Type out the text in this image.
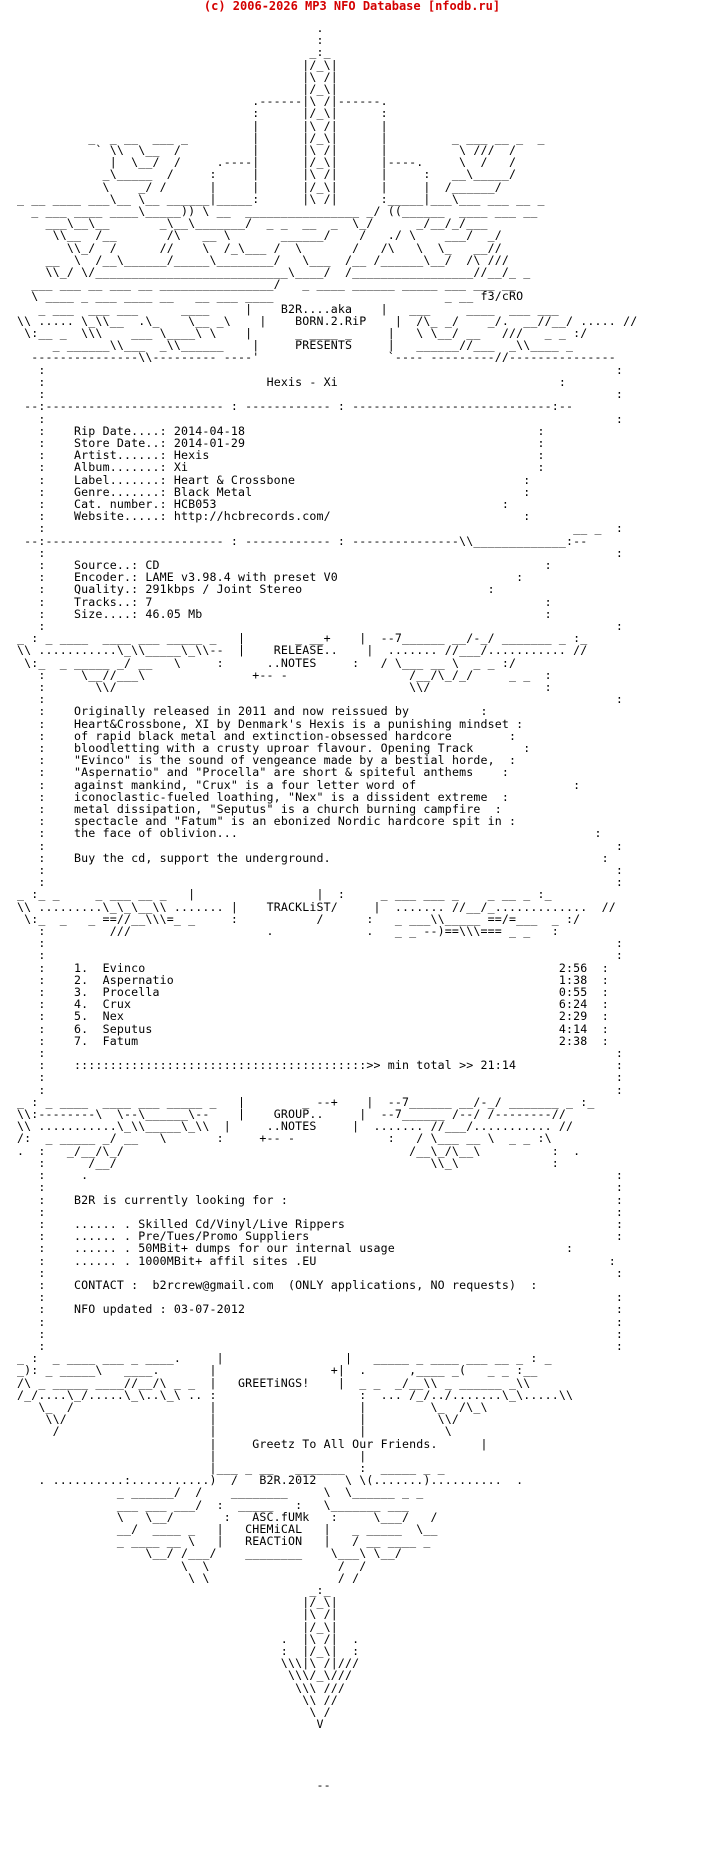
(c) 2006-2026 MP3 NFO Database [nfodb.ru]
.
:
_:_
|/_\|
|\ /|
|/_\|
.------|\ /|------.
:      |/_\|      :
|      |\ /|      |
_  _ __  ___ _         |      |/_\|      |         _ ___ __ _  _
` \\  \__  /          |      |\ /|      |          \ ///  /
|  \__/  /     .----|      |/_\|      |----.     \  /   /
_\_____  /     :     |      |\ /|      |     :   __\_____/
\    _/ /      |     |      |/_\|      |     |  /______/
_ __ ____ ___\__ \__ ______|_____:      |\ /|      :_____|___\___ ___ __ _
_ ___ ____ ____\_____)) \ __  ________________ _/ ((______  ____ ___ __
___\__\__       _\__\_______/  _ _  __  _  \_/      _/__/_/___
\\__  /__       /\   __ \       ______/    /   ./ \    ___/  _/
\\_/  /      //    \  /_\___ /  \       /   /\   \  \_   __//
__  \  /__\______/_____\________/   \___  /__ /______\__/  /\ ///
\\_/ \/___________________________\____/  /_________________//__/_ _
___ ___ __ ___ __ ________________/   _ ____ ______ _____ ___ ___ __
\ ____ _ ___ ____ __   __ ___ ____                        _ __ f3/cRO
_ ___  ___ ___      ____     |    B2R....aka    |   ___     ____  ___ ___
\\ ..... \_\\__  .\_    \__ _\    |    BORN.2.RiP    |  /\_ _/    _/.  __//__/ ..... //
\:__ _  \\\    ___ \____\ \    |      _ ____ _     |   \ \__/ __   ///   _ _ :/
_ ______\\___  _\\______    |	PRESENTS	|   ______//___  _\\____ _
---------------\\--------- ----'                  `---- ---------//---------------
:                                                                                :
:                               Hexis - Xi                               :
:                                                                                :
--:------------------------- : ------------ : ----------------------------:--
:                                                                                :
:    Rip Date....: 2014-04-18	:
:    Store Date..: 2014-01-29	:
:    Artist......: Hexis	:
:    Album.......: Xi	:
:    Label.......: Heart & Crossbone	:
:    Genre.......: Black Metal	:
:    Cat. number.: HCB053	:
:    Website.....: http://hcbrecords.com/	:
:                                                                          __ _  :
--:------------------------- : ------------ : ---------------\\_____________:--
:                                                                                :
:    Source..: CD	:
:    Encoder.: LAME v3.98.4 with preset V0	:
:    Quality.: 291kbps / Joint Stereo	:
:    Tracks..: 7	:
:    Size....: 46.05 Mb	:
:                                                                                :
_ : _ ____  ____ ___ _____ _   |       _ __+    |  --7______ __/-_/ _______ _ :_
\\ ...........\_\\_____\_\\--  |    RELEASE..    |  ....... //___/........... //
\:_  _ _____ _/ __   \     :	..NOTES	:   / \___ __ \  _ _ :/
:     \__//___\               +-- -                 /__/\_/_/     _ _  :
:       \\/                                         \\/                :
:                                                                                :
:    Originally released in 2011 and now reissued by	:
:    Heart&Crossbone, XI by Denmark's Hexis is a punishing mindset :
:    of rapid black metal and extinction-obsessed hardcore	:
:    bloodletting with a crusty uproar flavour. Opening Track	:
:    "Evinco" is the sound of vengeance made by a bestial horde,  :
:    "Aspernatio" and "Procella" are short & spiteful anthems    :
:    against mankind, "Crux" is a four letter word of	:
:    iconoclastic-fueled loathing, "Nex" is a dissident extreme  :
:    metal dissipation, "Seputus" is a church burning campfire  :
:    spectacle and "Fatum" is an ebonized Nordic hardcore spit in :
:    the face of oblivion...	:
:                                                                                :
:    Buy the cd, support the underground.	:
:                                                                                :
:                                                                                :
_ :_ _     _ ___ __ _   |                 |  :     _ ___ ___ _    _ __ _ :_
\\ .........\_\_\__\\ ....... |    TRACKLiST/     |  ....... //__/_.............  //
\:_  _   _ ==//__\\\=_ _     :           /      :   _ ___\\_____ ==/=___  _ :/
:         ///                   .             .   _ _ --)==\\\=== _ _   :
:                                                                                :
:                                                                                :
:    1. Evinco	2:56  :
:    2. Aspernatio	1:38  :
:    3. Procella	0:55  :
:    4. Crux	6:24  :
:    5. Nex	2:29  :
:    6. Seputus	4:14  :
:    7. Fatum	2:38  :
:                                                                                :
:    :::::::::::::::::::::::::::::::::::::::::>> min total >> 21:14	:
:                                                                                :
:                                                                                :
_ : _ ____  ____ ___ _____ _   |        _ --+    |  --7______ __/-_/ _______ _ :_
\\:--------\  \--\______\--    |    GROUP..	|  --7______ /--/ /--------//
\\ ...........\_\\_____\_\\  |	..NOTES	|  ....... //___/........... //
/:  _ _____ _/ __   \       :     +-- -             :   / \___ __ \  _ _ :\
.  :   _/__/\_/                                        /__\_/\__\          :  .
:      /__/                                            \\_\             :
:     .                                                                          :
:                                                                                :
:    B2R is currently looking for :	:
:                                                                                :
:    ...... . Skilled Cd/Vinyl/Live Rippers	:
:    ...... . Pre/Tues/Promo Suppliers	:
:    ...... . 50MBit+ dumps for our internal usage	:
:    ...... . 1000MBit+ affil sites .EU	:
:                                                                                :
:    CONTACT :  b2rcrew@gmail.com  (ONLY applications, NO requests)  :
:                                                                                :
:    NFO updated : 03-07-2012	:
:                                                                                :
:                                                                                :
:                                                                                :
_ :  _ ____ ___ _ ____.     |                 |   _____ _ ____ ___ __ _ : _
_): _ _____\   ____.       |                +|  .      ,____ _(   _ _ :__
/\ _ _____ ____//__/\ _ _  |   GREETiNGS!    |  _ _  _/__\\ _ ______ _\\
/_/....\_/.....\_\..\_\ .. :                    :  ... /_/../.......\_\.....\\
\_  /                   |                    |         \_  /\_\
\\/                    |                    |          \\/
/                     |                    |           \
|     Greetz To All Our Friends.      |
|                    |
|___ _ __   _______  :  _____ _ _
. ..........:...........)  /   B2R.2012    \ \(.......)..........  .
_ ______/  /    ________     \  \______ _ _
___ ___ ___/  :  _____   :   \_______ ___
\   \__/       :   ASC.fUMk   :     \___/   /
__/  ____ _   |   CHEMiCAL   |   _ _____  \__
_ ____ __ \   |   REACTiON   |   / __ ____ _
\__/ /___/    ________    \___\ \__/
\  \                  /  /
\ \                  / /
_:_
|/_\|
|\ /|
|/_\|
.  |\ /|  .
:  |/_\|  :
\\\|\ /|///
\\\/_\///
\\\ ///
\\ //
\ /
V

--
